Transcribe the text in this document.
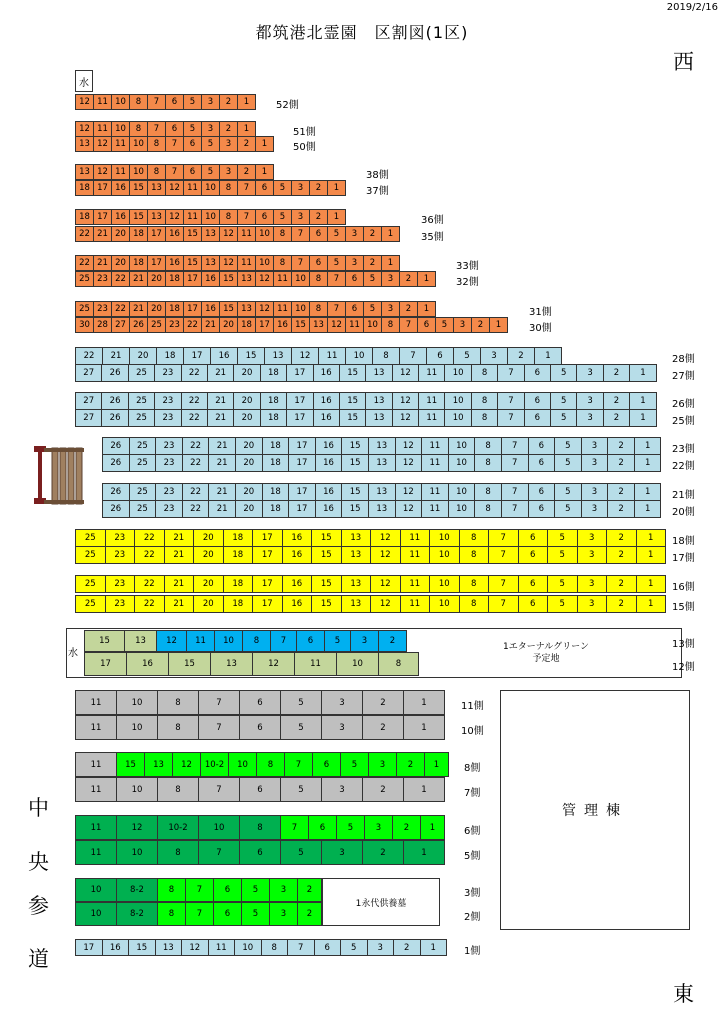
2019/2/16
都筑港北霊園　区割図(1区)
西
東
中
央
参
道
水
水
1エターナルグリーン
予定地
管理棟
1永代供養墓
12 11 10	8	7	6	5	3	2	1	52側
12 11 10	8	7	6	5	3	2	1	51側
13 12 11 10	8	7	6	5	3	2	1	50側
13 12 11 10	8	7	6	5	3	2	1	38側
18 17 16 15 13 12 11 10	8	7	6	5	3	2	1	37側
18 17 16 15 13 12 11 10	8	7	6	5	3	2	1	36側
22 21 20 18 17 16 15 13 12 11 10	8	7	6	5	3	2	1	35側
22 21 20 18 17 16 15 13 12 11 10	8	7	6	5	3	2	1	33側
25 23 22 21 20 18 17 16 15 13 12 11 10	8	7	6	5	3	2	1	32側
25 23 22 21 20 18 17 16 15 13 12 11 10	8	7	6	5	3	2	1	31側
30 28 27 26 25 23 22 21 20 18 17 16 15 13 12 11 10	8	7	6	5	3	2	1	30側
22	21	20	18	17	16	15	13	12	11	10	8	7	6	5	3	2	1	28側
27	26	25	23	22	21	20	18	17	16	15	13	12	11	10	8	7	6	5	3	2	1	27側
27	26	25	23	22	21	20	18	17	16	15	13	12	11	10	8	7	6	5	3	2	1	26側
27	26	25	23	22	21	20	18	17	16	15	13	12	11	10	8	7	6	5	3	2	1	25側
26	25	23	22	21	20	18	17	16	15	13	12	11	10	8	7	6	5	3	2	1	23側
26	25	23	22	21	20	18	17	16	15	13	12	11	10	8	7	6	5	3	2	1	22側
26	25	23	22	21	20	18	17	16	15	13	12	11	10	8	7	6	5	3	2	1	21側
26	25	23	22	21	20	18	17	16	15	13	12	11	10	8	7	6	5	3	2	1	20側
25	23	22	21	20	18	17	16	15	13	12	11	10	8	7	6	5	3	2	1	18側
25	23	22	21	20	18	17	16	15	13	12	11	10	8	7	6	5	3	2	1	17側
25	23	22	21	20	18	17	16	15	13	12	11	10	8	7	6	5	3	2	1	16側
25	23	22	21	20	18	17	16	15	13	12	11	10	8	7	6	5	3	2	1	15側
15	13	12	11	10	8	7	6	5	3	2	13側
17	16	15	13	12	11	10	8	12側
11	10	8	7	6	5	3	2	1	11側
11	10	8	7	6	5	3	2	1	10側
11	15	13	12	10-2	10	8	7	6	5	3	2	1	8側
11	10	8	7	6	5	3	2	1	7側
11	12	10-2	10	8	7	6	5	3	2	1	6側
11	10	8	7	6	5	3	2	1	5側
10	8-2	8	7	6	5	3	2	3側
10	8-2	8	7	6	5	3	2	2側
17	16	15	13	12	11	10	8	7	6	5	3	2	1	1側
